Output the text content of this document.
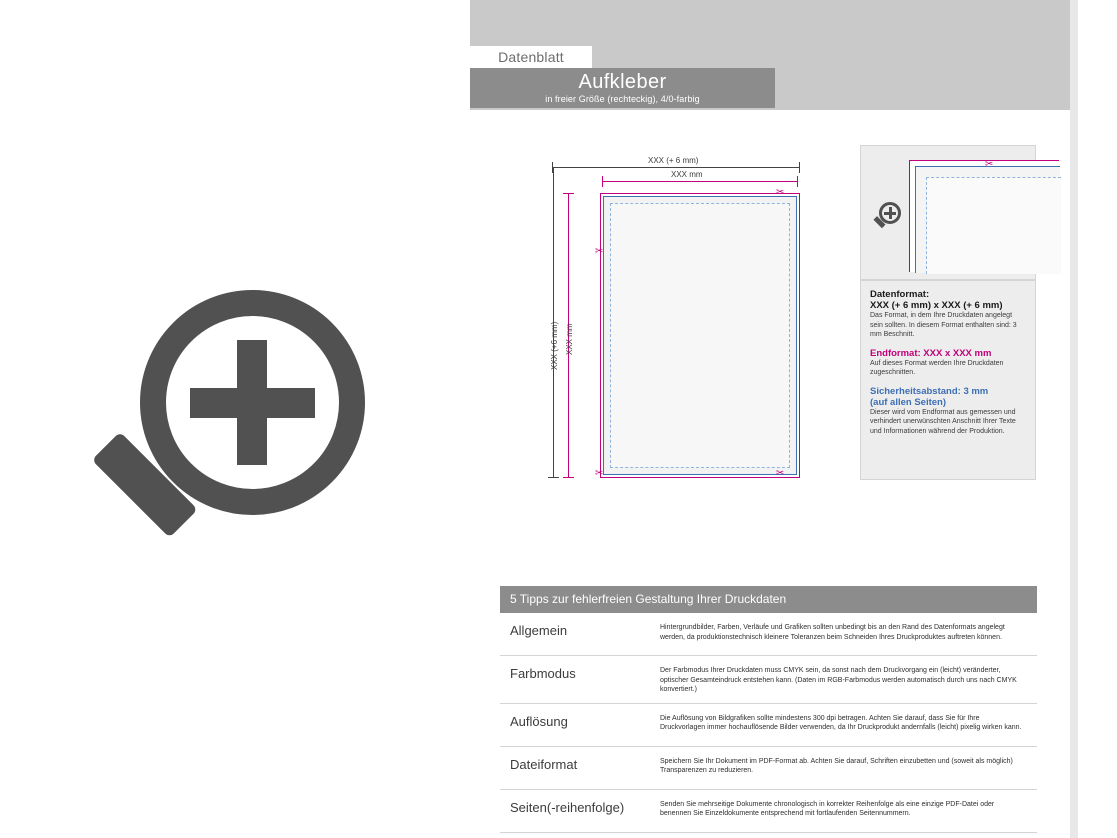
Datenblatt
Aufkleber
in freier Größe (rechteckig), 4/0-farbig
XXX (+ 6 mm)
XXX mm
XXX (+6 mm) XXX mm
✂
✂
✂	✂
✂
Datenformat:
XXX (+ 6 mm) x XXX (+ 6 mm)

Das Format, in dem Ihre Druckdaten angelegt sein sollten. In diesem Format enthalten sind: 3 mm Beschnitt.

Endformat: XXX x XXX mm

Auf dieses Format werden Ihre Druckdaten zugeschnitten.

Sicherheitsabstand: 3 mm
(auf allen Seiten)

Dieser wird vom Endformat aus gemessen und verhindert unerwünschten Anschnitt Ihrer Texte und Informationen während der Produktion.

5 Tipps zur fehlerfreien Gestaltung Ihrer Druckdaten
Allgemein	Hintergrundbilder, Farben, Verläufe und Grafiken sollten unbedingt bis an den Rand des Datenformats angelegt werden, da produktionstechnisch kleinere Toleranzen beim Schneiden Ihres Druckproduktes auftreten können.
Farbmodus	Der Farbmodus Ihrer Druckdaten muss CMYK sein, da sonst nach dem Druckvorgang ein (leicht) veränderter, optischer Gesamteindruck entstehen kann. (Daten im RGB-Farbmodus werden automatisch durch uns nach CMYK konvertiert.)
Auflösung	Die Auflösung von Bildgrafiken sollte mindestens 300 dpi betragen. Achten Sie darauf, dass Sie für Ihre Druckvorlagen immer hochauflösende Bilder verwenden, da Ihr Druckprodukt andernfalls (leicht) pixelig wirken kann.
Dateiformat	Speichern Sie Ihr Dokument im PDF-Format ab. Achten Sie darauf, Schriften einzubetten und (soweit als möglich) Transparenzen zu reduzieren.
Seiten(-reihenfolge)	Senden Sie mehrseitige Dokumente chronologisch in korrekter Reihenfolge als eine einzige PDF-Datei oder benennen Sie Einzeldokumente entsprechend mit fortlaufenden Seitennummern.
